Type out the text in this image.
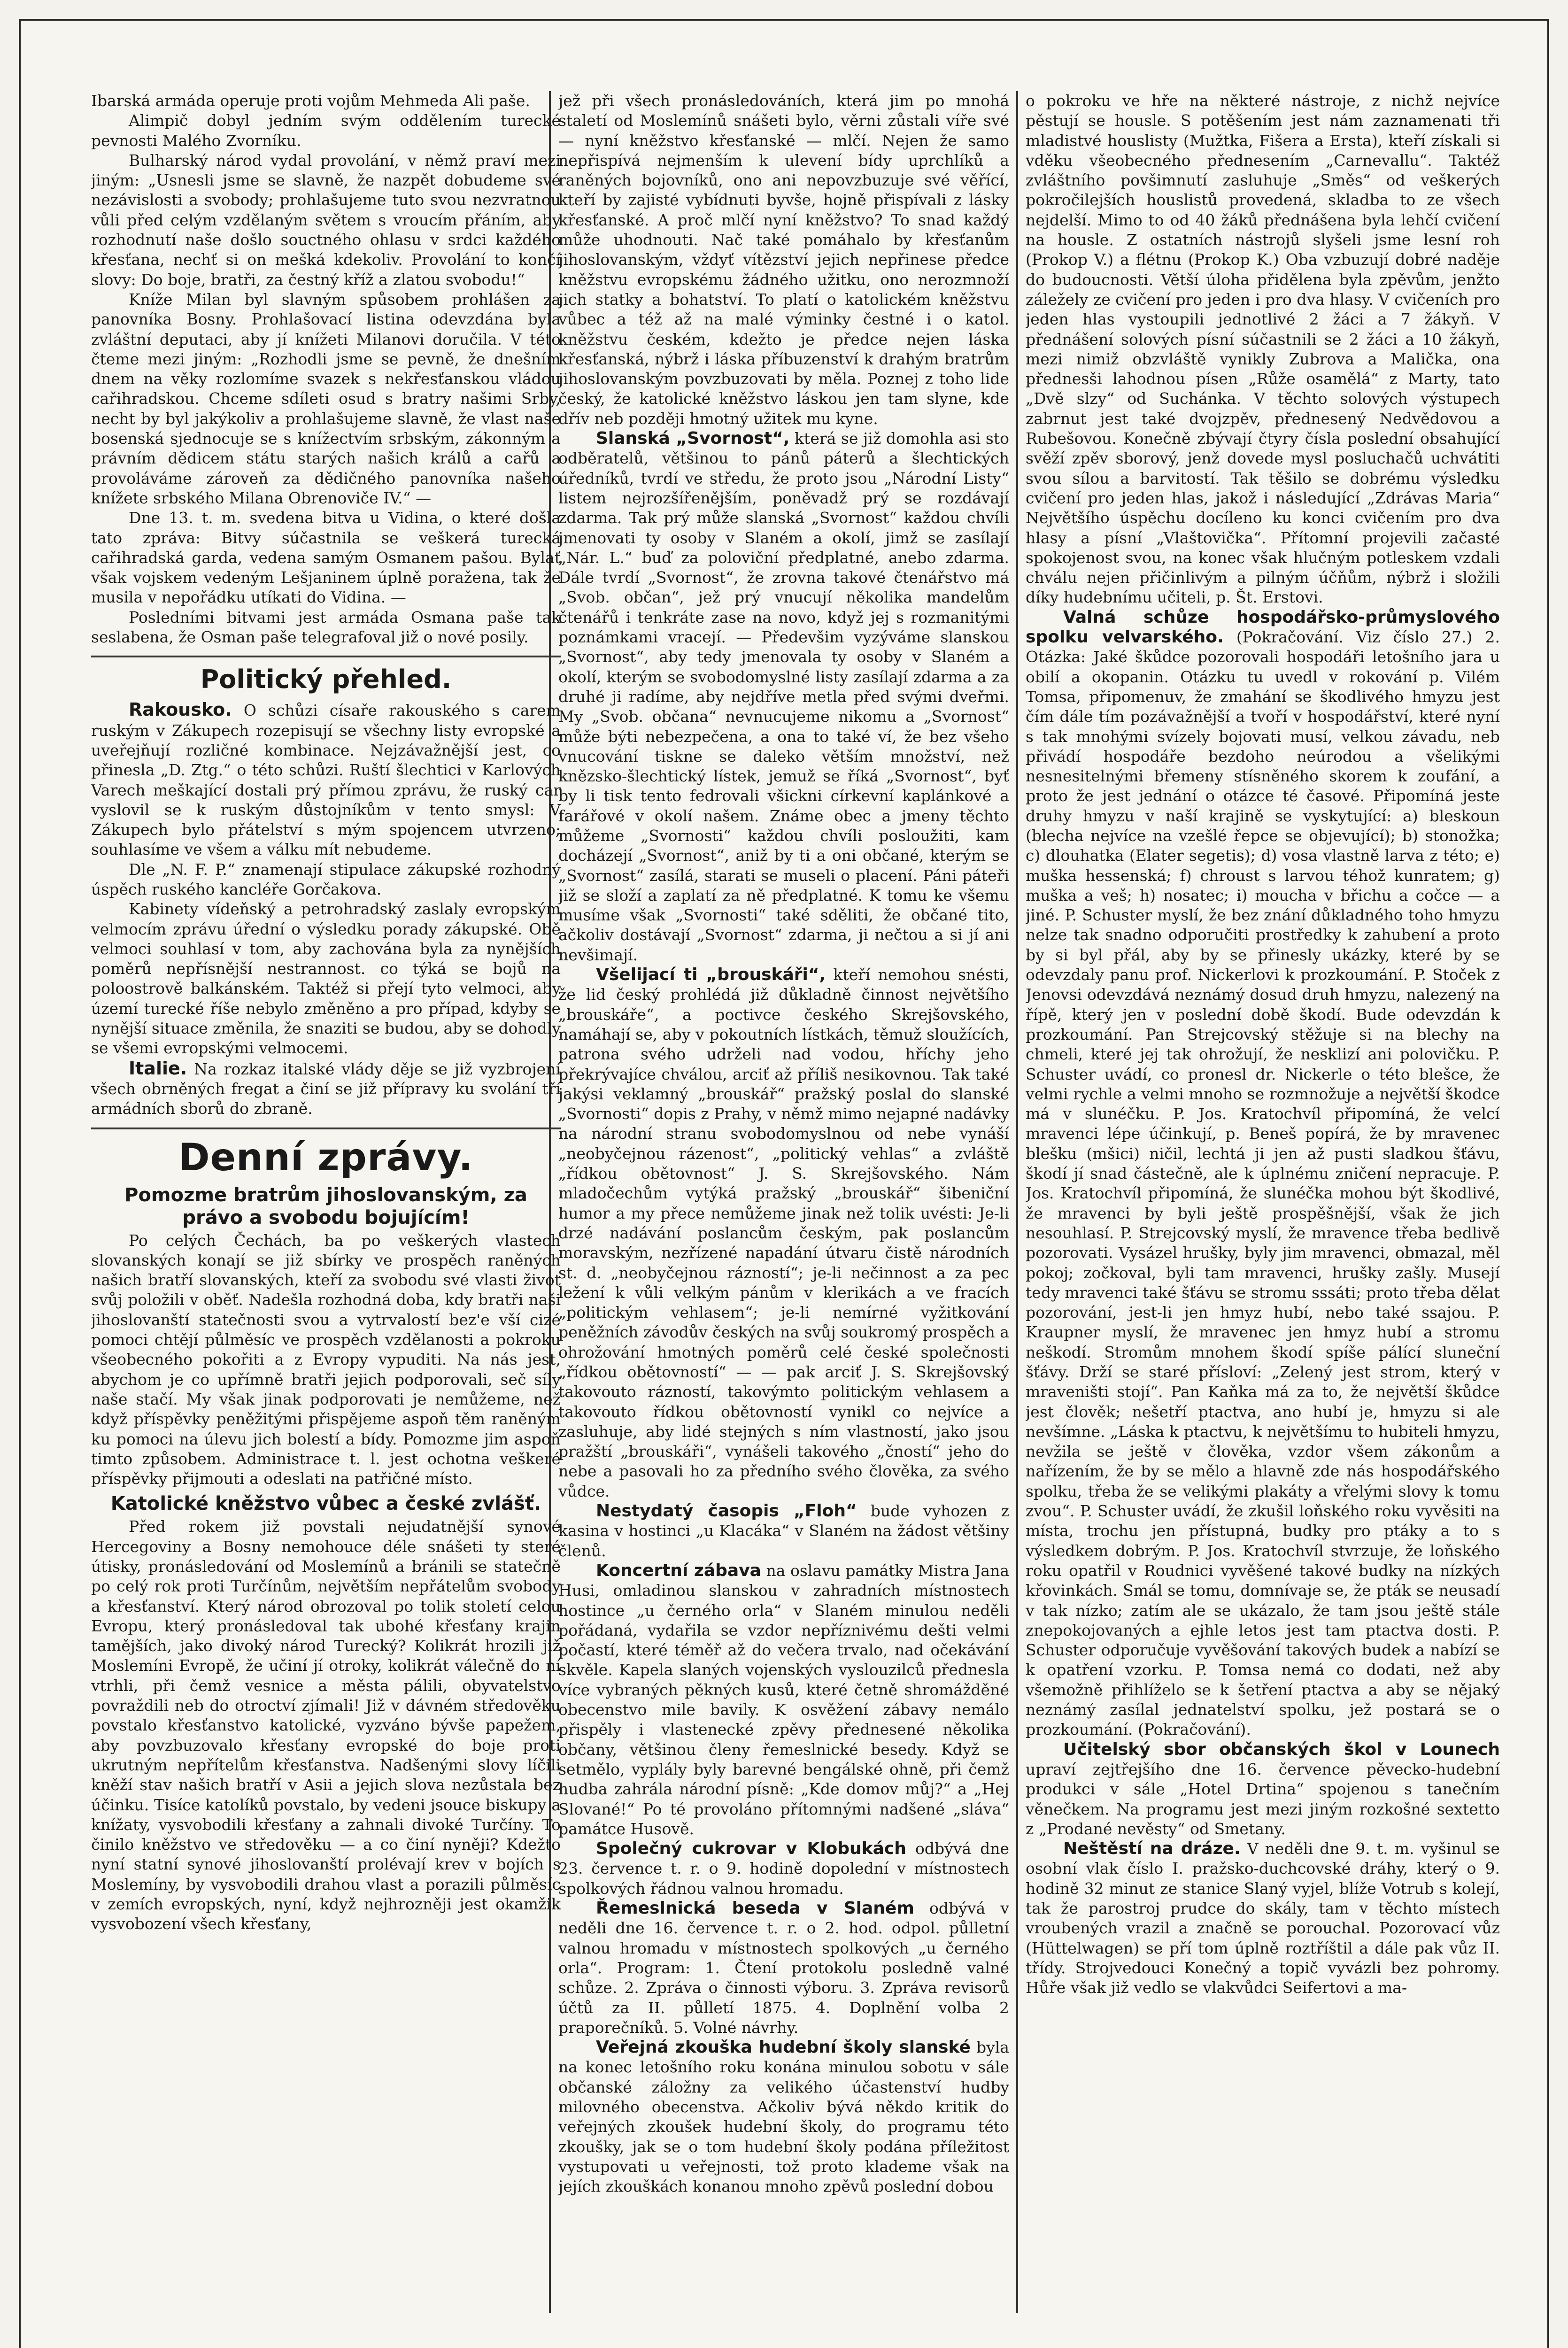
Ibarská armáda operuje proti vojům Mehmeda Ali paše.

Alimpič dobyl jedním svým oddělením turecké pevnosti Malého Zvorníku.

Bulharský národ vydal provolání, v němž praví mezi jiným: „Usnesli jsme se slavně, že nazpět dobudeme své nezávislosti a svobody; prohlašujeme tuto svou nezvratnou vůli před celým vzdělaným světem s vroucím přáním, aby rozhodnutí naše došlo souctného ohlasu v srdci každého křesťana, nechť si on mešká kdekoliv. Provolání to končí slovy: Do boje, bratři, za čestný kříž a zlatou svobodu!“

Kníže Milan byl slavným spůsobem prohlášen za panovníka Bosny. Prohlašovací listina odevzdána byla zvláštní deputaci, aby jí knížeti Milanovi doručila. V této čteme mezi jiným: „Rozhodli jsme se pevně, že dnešním dnem na věky rozlomíme svazek s nekřesťanskou vládou cařihradskou. Chceme sdíleti osud s bratry našimi Srby, necht by byl jakýkoliv a prohlašujeme slavně, že vlast naše bosenská sjednocuje se s knížectvím srbským, zákonným a právním dědicem státu starých našich králů a cařů a provoláváme zároveň za dědičného panovníka našeho knížete srbského Milana Obrenoviče IV.“ —

Dne 13. t. m. svedena bitva u Vidina, o které došla tato zpráva: Bitvy súčastnila se veškerá turecká cařihradská garda, vedena samým Osmanem pašou. Bylať však vojskem vedeným Lešjaninem úplně poražena, tak že musila v nepořádku utíkati do Vidina. —

Posledními bitvami jest armáda Osmana paše tak seslabena, že Osman paše telegrafoval již o nové posily.

Politický přehled.

Rakousko. O schůzi císaře rakouského s carem ruským v Zákupech rozepisují se všechny listy evropské a uveřejňují rozličné kombinace. Nejzávažnější jest, co přinesla „D. Ztg.“ o této schůzi. Ruští šlechtici v Karlových Varech meškající dostali prý přímou zprávu, že ruský car vyslovil se k ruským důstojníkům v tento smysl: V Zákupech bylo přátelství s mým spojencem utvrzeno; souhlasíme ve všem a válku mít nebudeme.

Dle „N. F. P.“ znamenají stipulace zákupské rozhodný úspěch ruského kancléře Gorčakova.

Kabinety vídeňský a petrohradský zaslaly evropským velmocím zprávu úřední o výsledku porady zákupské. Obě velmoci souhlasí v tom, aby zachována byla za nynějších poměrů nepřísnější nestrannost. co týká se bojů na poloostrově balkánském. Taktéž si přejí tyto velmoci, aby území turecké říše nebylo změněno a pro případ, kdyby se nynější situace změnila, že snaziti se budou, aby se dohodly se všemi evropskými velmocemi.

Italie. Na rozkaz italské vlády děje se již vyzbrojení všech obrněných fregat a činí se již přípravy ku svolání tří armádních sborů do zbraně.

Denní zprávy.
Pomozme bratrům jihoslovanským, za právo a svobodu bojujícím!

Po celých Čechách, ba po veškerých vlastech slovanských konají se již sbírky ve prospěch raněných našich bratří slovanských, kteří za svobodu své vlasti život svůj položili v oběť. Nadešla rozhodná doba, kdy bratři naši jihoslovanští statečnosti svou a vytrvalostí bez'e vší cizé pomoci chtějí půlměsíc ve prospěch vzdělanosti a pokroku všeobecného pokořiti a z Evropy vypuditi. Na nás jest, abychom je co upřímně bratři jejich podporovali, seč síly naše stačí. My však jinak podporovati je nemůžeme, než když příspěvky peněžitými přispějeme aspoň těm raněným ku pomoci na úlevu jich bolestí a bídy. Pomozme jim aspoň timto způsobem. Administrace t. l. jest ochotna veškeré příspěvky přijmouti a odeslati na patřičné místo.

Katolické kněžstvo vůbec a české zvlášť.

Před rokem již povstali nejudatnější synové Hercegoviny a Bosny nemohouce déle snášeti ty steré útisky, pronásledování od Moslemínů a bránili se statečně po celý rok proti Turčínům, největším nepřátelům svobody a křesťanství. Který národ obrozoval po tolik století celou Evropu, který pronásledoval tak ubohé křesťany krajin tamějších, jako divoký národ Turecký? Kolikrát hrozili již Moslemíni Evropě, že učiní jí otroky, kolikrát válečně do ní vtrhli, při čemž vesnice a města pálili, obyvatelstvo povraždili neb do otroctví zjímali! Již v dávném středověku povstalo křesťanstvo katolické, vyzváno bývše papežem, aby povzbuzovalo křesťany evropské do boje proti ukrutným nepřítelům křesťanstva. Nadšenými slovy líčili kněží stav našich bratří v Asii a jejich slova nezůstala bez účinku. Tisíce katolíků povstalo, by vedeni jsouce biskupy a knížaty, vysvobodili křesťany a zahnali divoké Turčíny. To činilo kněžstvo ve středověku — a co činí nyněji? Kdežto nyní statní synové jihoslovanští prolévají krev v bojích s Moslemíny, by vysvobodili drahou vlast a porazili půlměsíc v zemích evropských, nyní, když nejhrozněji jest okamžik vysvobození všech křesťany,

jež při všech pronásledováních, která jim po mnohá staletí od Moslemínů snášeti bylo, věrni zůstali víře své — nyní kněžstvo křesťanské — mlčí. Nejen že samo nepřispívá nejmenším k ulevení bídy uprchlíků a raněných bojovníků, ono ani nepovzbuzuje své věřící, kteří by zajisté vybídnuti byvše, hojně přispívali z lásky křesťanské. A proč mlčí nyní kněžstvo? To snad každý může uhodnouti. Nač také pomáhalo by křesťanům jihoslovanským, vždyť vítězství jejich nepřinese předce kněžstvu evropskému žádného užitku, ono nerozmnoží jich statky a bohatství. To platí o katolickém kněžstvu vůbec a též až na malé výminky čestné i o katol. kněžstvu českém, kdežto je předce nejen láska křesťanská, nýbrž i láska příbuzenství k drahým bratrům jihoslovanským povzbuzovati by měla. Poznej z toho lide český, že katolické kněžstvo láskou jen tam slyne, kde dřív neb později hmotný užitek mu kyne.

Slanská „Svornost“, která se již domohla asi sto odběratelů, většinou to pánů páterů a šlechtických úředníků, tvrdí ve středu, že proto jsou „Národní Listy“ listem nejrozšířenějším, poněvadž prý se rozdávají zdarma. Tak prý může slanská „Svornost“ každou chvíli jmenovati ty osoby v Slaném a okolí, jimž se zasílají „Nár. L.“ buď za poloviční předplatné, anebo zdarma. Dále tvrdí „Svornost“, že zrovna takové čtenářstvo má „Svob. občan“, jež prý vnucují několika mandelům čtenářů i tenkráte zase na novo, když jej s rozmanitými poznámkami vracejí. — Předevšim vyzýváme slanskou „Svornost“, aby tedy jmenovala ty osoby v Slaném a okolí, kterým se svobodomyslné listy zasílají zdarma a za druhé ji radíme, aby nejdříve metla před svými dveřmi. My „Svob. občana“ nevnucujeme nikomu a „Svornost“ může býti nebezpečena, a ona to také ví, že bez všeho vnucování tiskne se daleko větším množství, než knězsko-šlechtický lístek, jemuž se říká „Svornost“, byť by li tisk tento fedrovali všickni církevní kaplánkové a farářové v okolí našem. Známe obec a jmeny těchto můžeme „Svornosti“ každou chvíli posloužiti, kam docházejí „Svornost“, aniž by ti a oni občané, kterým se „Svornost“ zasílá, starati se museli o placení. Páni páteři již se složí a zaplatí za ně předplatné. K tomu ke všemu musíme však „Svornosti“ také sděliti, že občané tito, ačkoliv dostávají „Svornost“ zdarma, ji nečtou a si jí ani nevšimají.

Všelijací ti „brouskáři“, kteří nemohou snésti, že lid český prohlédá již důkladně činnost největšího „brouskáře“, a poctivce českého Skrejšovského, namáhají se, aby v pokoutních lístkách, těmuž sloužících, patrona svého udrželi nad vodou, hříchy jeho překrývajíce chválou, arciť až příliš nesikovnou. Tak také jakýsi veklamný „brouskář“ pražský poslal do slanské „Svornosti“ dopis z Prahy, v němž mimo nejapné nadávky na národní stranu svobodomyslnou od nebe vynáší „neobyčejnou rázenost“, „politický vehlas“ a zvláště „řídkou obětovnost“ J. S. Skrejšovského. Nám mladočechům vytýká pražský „brouskář“ šibeniční humor a my přece nemůžeme jinak než tolik uvésti: Je-li drzé nadávání poslancům českým, pak poslancům moravským, nezřízené napadání útvaru čistě národních st. d. „neobyčejnou rázností“; je-li nečinnost a za pec ležení k vůli velkým pánům v klerikách a ve fracích „politickým vehlasem“; je-li nemírné vyžitkování peněžních závodův českých na svůj soukromý prospěch a ohrožování hmotných poměrů celé české společnosti „řídkou obětovností“ — — pak arciť J. S. Skrejšovský takovouto rázností, takovýmto politickým vehlasem a takovouto řídkou obětovností vynikl co nejvíce a zasluhuje, aby lidé stejných s ním vlastností, jako jsou pražští „brouskáři“, vynášeli takového „čností“ jeho do nebe a pasovali ho za předního svého člověka, za svého vůdce.

Nestydatý časopis „Floh“ bude vyhozen z kasina v hostinci „u Klacáka“ v Slaném na žádost většiny členů.

Koncertní zábava na oslavu památky Mistra Jana Husi, omladinou slanskou v zahradních místnostech hostince „u černého orla“ v Slaném minulou neděli pořádaná, vydařila se vzdor nepříznivému dešti velmi počastí, které téměř až do večera trvalo, nad očekávání skvěle. Kapela slaných vojenských vyslouzilců přednesla více vybraných pěkných kusů, které četně shromážděné obecenstvo mile bavily. K osvěžení zábavy nemálo přispěly i vlastenecké zpěvy přednesené několika občany, většinou členy řemeslnické besedy. Když se setmělo, vyplály byly barevné bengálské ohně, při čemž hudba zahrála národní písně: „Kde domov můj?“ a „Hej Slované!“ Po té provoláno přítomnými nadšené „sláva“ památce Husově.

Společný cukrovar v Klobukách odbývá dne 23. července t. r. o 9. hodině dopolední v místnostech spolkových řádnou valnou hromadu.

Řemeslnická beseda v Slaném odbývá v neděli dne 16. července t. r. o 2. hod. odpol. půlletní valnou hromadu v místnostech spolkových „u černého orla“. Program: 1. Čtení protokolu posledně valné schůze. 2. Zpráva o činnosti výboru. 3. Zpráva revisorů účtů za II. půlletí 1875. 4. Doplnění volba 2 praporečníků. 5. Volné návrhy.

Veřejná zkouška hudební školy slanské byla na konec letošního roku konána minulou sobotu v sále občanské záložny za velikého účastenství hudby milovného obecenstva. Ačkoliv bývá někdo kritik do veřejných zkoušek hudební školy, do programu této zkoušky, jak se o tom hudební školy podána příležitost vystupovati u veřejnosti, tož proto klademe však na jejích zkouškách konanou mnoho zpěvů poslední dobou

o pokroku ve hře na některé nástroje, z nichž nejvíce pěstují se housle. S potěšením jest nám zaznamenati tři mladistvé houslisty (Mužtka, Fišera a Ersta), kteří získali si vděku všeobecného přednesením „Carnevallu“. Taktéž zvláštního povšimnutí zasluhuje „Směs“ od veškerých pokročilejších houslistů provedená, skladba to ze všech nejdelší. Mimo to od 40 žáků přednášena byla lehčí cvičení na housle. Z ostatních nástrojů slyšeli jsme lesní roh (Prokop V.) a flétnu (Prokop K.) Oba vzbuzují dobré naděje do budoucnosti. Větší úloha přidělena byla zpěvům, jenžto záležely ze cvičení pro jeden i pro dva hlasy. V cvičeních pro jeden hlas vystoupili jednotlivé 2 žáci a 7 žákyň. V přednášení solových písní súčastnili se 2 žáci a 10 žákyň, mezi nimiž obzvláště vynikly Zubrova a Malička, ona přednesši lahodnou písen „Růže osamělá“ z Marty, tato „Dvě slzy“ od Suchánka. V těchto solových výstupech zabrnut jest také dvojzpěv, přednesený Nedvědovou a Rubešovou. Konečně zbývají čtyry čísla poslední obsahující svěží zpěv sborový, jenž dovede mysl posluchačů uchvátiti svou sílou a barvitostí. Tak těšilo se dobrému výsledku cvičení pro jeden hlas, jakož i následující „Zdrávas Maria“ Největšího úspěchu docíleno ku konci cvičením pro dva hlasy a písní „Vlaštovička“. Přítomní projevili začasté spokojenost svou, na konec však hlučným potleskem vzdali chválu nejen přičinlivým a pilným účňům, nýbrž i složili díky hudebnímu učiteli, p. Št. Erstovi.

Valná schůze hospodářsko-průmyslového spolku velvarského. (Pokračování. Viz číslo 27.) 2. Otázka: Jaké škůdce pozorovali hospodáři letošního jara u obilí a okopanin. Otázku tu uvedl v rokování p. Vilém Tomsa, připomenuv, že zmahání se škodlivého hmyzu jest čím dále tím pozávažnější a tvoří v hospodářství, které nyní s tak mnohými svízely bojovati musí, velkou závadu, neb přivádí hospodáře bezdoho neúrodou a všelikými nesnesitelnými břemeny stísněného skorem k zoufání, a proto že jest jednání o otázce té časové. Připomíná jeste druhy hmyzu v naší krajině se vyskytující: a) bleskoun (blecha nejvíce na vzešlé řepce se objevující); b) stonožka; c) dlouhatka (Elater segetis); d) vosa vlastně larva z této; e) muška hessenská; f) chroust s larvou téhož kunratem; g) muška a veš; h) nosatec; i) moucha v břichu a cočce — a jiné. P. Schuster myslí, že bez znání důkladného toho hmyzu nelze tak snadno odporučiti prostředky k zahubení a proto by si byl přál, aby by se přinesly ukázky, které by se odevzdaly panu prof. Nickerlovi k prozkoumání. P. Stoček z Jenovsi odevzdává neznámý dosud druh hmyzu, nalezený na řípě, který jen v poslední době škodí. Bude odevzdán k prozkoumání. Pan Strejcovský stěžuje si na blechy na chmeli, které jej tak ohrožují, že nesklizí ani polovičku. P. Schuster uvádí, co pronesl dr. Nickerle o této blešce, že velmi rychle a velmi mnoho se rozmnožuje a největší škodce má v slunéčku. P. Jos. Kratochvíl připomíná, že velcí mravenci lépe účinkují, p. Beneš popírá, že by mravenec blešku (mšici) ničil, lechtá ji jen až pusti sladkou šťávu, škodí jí snad částečně, ale k úplnému zničení nepracuje. P. Jos. Kratochvíl připomíná, že slunéčka mohou být škodlivé, že mravenci by byli ještě prospěšnější, však že jich nesouhlasí. P. Strejcovský myslí, že mravence třeba bedlivě pozorovati. Vysázel hrušky, byly jim mravenci, obmazal, měl pokoj; zočkoval, byli tam mravenci, hrušky zašly. Musejí tedy mravenci také šťávu se stromu sssáti; proto třeba dělat pozorování, jest-li jen hmyz hubí, nebo také ssajou. P. Kraupner myslí, že mravenec jen hmyz hubí a stromu neškodí. Stromům mnohem škodí spíše pálící sluneční šťávy. Drží se staré přísloví: „Zelený jest strom, který v mraveništi stojí“. Pan Kaňka má za to, že největší škůdce jest člověk; nešetří ptactva, ano hubí je, hmyzu si ale nevšímne. „Láska k ptactvu, k největšímu to hubiteli hmyzu, nevžila se ještě v člověka, vzdor všem zákonům a nařízením, že by se mělo a hlavně zde nás hospodářského spolku, třeba že se velikými plakáty a vřelými slovy k tomu zvou“. P. Schuster uvádí, že zkušil loňského roku vyvěsiti na místa, trochu jen přístupná, budky pro ptáky a to s výsledkem dobrým. P. Jos. Kratochvíl stvrzuje, že loňského roku opatřil v Roudnici vyvěšené takové budky na nízkých křovinkách. Smál se tomu, domnívaje se, že pták se neusadí v tak nízko; zatím ale se ukázalo, že tam jsou ještě stále znepokojovaných a ejhle letos jest tam ptactva dosti. P. Schuster odporučuje vyvěšování takových budek a nabízí se k opatření vzorku. P. Tomsa nemá co dodati, než aby všemožně přihlíželo se k šetření ptactva a aby se nějaký neznámý zasílal jednatelství spolku, jež postará se o prozkoumání. (Pokračování).

Učitelský sbor občanských škol v Lounech upraví zejtřejšího dne 16. července pěvecko-hudební produkci v sále „Hotel Drtina“ spojenou s tanečním věnečkem. Na programu jest mezi jiným rozkošné sextetto z „Prodané nevěsty“ od Smetany.

Neštěstí na dráze. V neděli dne 9. t. m. vyšinul se osobní vlak číslo I. pražsko-duchcovské dráhy, který o 9. hodině 32 minut ze stanice Slaný vyjel, blíže Votrub s kolejí, tak že parostroj prudce do skály, tam v těchto místech vroubených vrazil a značně se porouchal. Pozorovací vůz (Hüttelwagen) se pří tom úplně roztříštil a dále pak vůz II. třídy. Strojvedouci Konečný a topič vyvázli bez pohromy. Hůře však již vedlo se vlakvůdci Seifertovi a ma-
